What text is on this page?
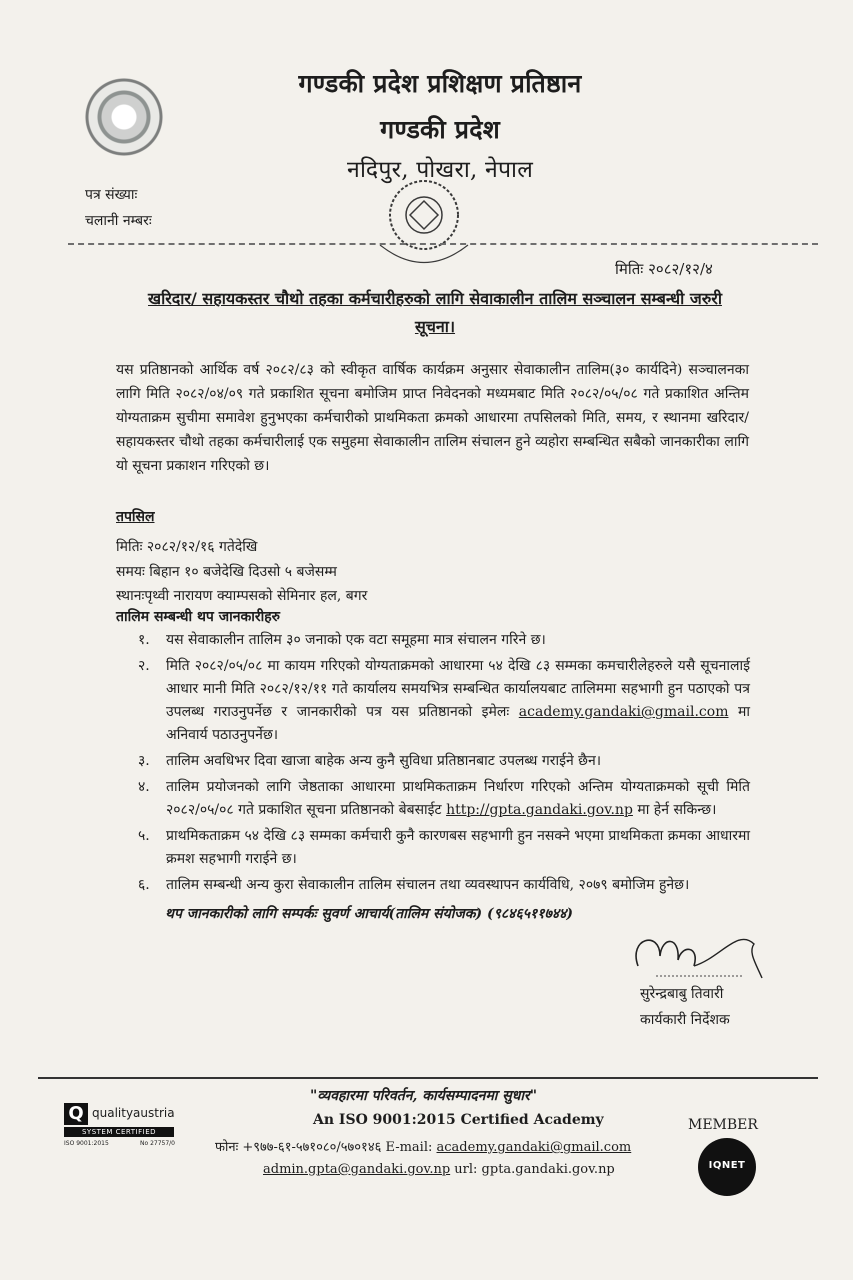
गण्डकी प्रदेश प्रशिक्षण प्रतिष्ठान
गण्डकी प्रदेश
नदिपुर, पोखरा, नेपाल
पत्र संख्याः
चलानी नम्बरः
मितिः २०८२/१२/४
खरिदार/ सहायकस्तर चौथो तहका कर्मचारीहरुको लागि सेवाकालीन तालिम सञ्चालन सम्बन्धी जरुरी
सूचना।
यस प्रतिष्ठानको आर्थिक वर्ष २०८२/८३ को स्वीकृत वार्षिक कार्यक्रम अनुसार सेवाकालीन तालिम(३० कार्यदिने) सञ्चालनका लागि मिति २०८२/०४/०९ गते प्रकाशित सूचना बमोजिम प्राप्त निवेदनको मध्यमबाट मिति २०८२/०५/०८ गते प्रकाशित अन्तिम योग्यताक्रम सुचीमा समावेश हुनुभएका कर्मचारीको प्राथमिकता क्रमको आधारमा तपसिलको मिति, समय, र स्थानमा खरिदार/सहायकस्तर चौथो तहका कर्मचारीलाई एक समुहमा सेवाकालीन तालिम संचालन हुने व्यहोरा सम्बन्धित सबैको जानकारीका लागि यो सूचना प्रकाशन गरिएको छ।
तपसिल
मितिः २०८२/१२/१६ गतेदेखि
समयः बिहान १० बजेदेखि दिउसो ५ बजेसम्म
स्थानःपृथ्वी नारायण क्याम्पसको सेमिनार हल, बगर
तालिम सम्बन्धी थप जानकारीहरु
१. यस सेवाकालीन तालिम ३० जनाको एक वटा समूहमा मात्र संचालन गरिने छ।
२. मिति २०८२/०५/०८ मा कायम गरिएको योग्यताक्रमको आधारमा ५४ देखि ८३ सम्मका कमचारीलेहरुले यसै सूचनालाई आधार मानी मिति २०८२/१२/११ गते कार्यालय समयभित्र सम्बन्धित कार्यालयबाट तालिममा सहभागी हुन पठाएको पत्र उपलब्ध गराउनुपर्नेछ र जानकारीको पत्र यस प्रतिष्ठानको इमेलः academy.gandaki@gmail.com मा अनिवार्य पठाउनुपर्नेछ।
३. तालिम अवधिभर दिवा खाजा बाहेक अन्य कुनै सुविधा प्रतिष्ठानबाट उपलब्ध गराईने छैन।
४. तालिम प्रयोजनको लागि जेष्ठताका आधारमा प्राथमिकताक्रम निर्धारण गरिएको अन्तिम योग्यताक्रमको सूची मिति २०८२/०५/०८ गते प्रकाशित सूचना प्रतिष्ठानको बेबसाईट http://gpta.gandaki.gov.np मा हेर्न सकिन्छ।
५. प्राथमिकताक्रम ५४ देखि ८३ सम्मका कर्मचारी कुनै कारणबस सहभागी हुन नसक्ने भएमा प्राथमिकता क्रमका आधारमा क्रमश सहभागी गराईने छ।
६. तालिम सम्बन्धी अन्य कुरा सेवाकालीन तालिम संचालन तथा व्यवस्थापन कार्यविधि, २०७९ बमोजिम हुनेछ।
थप जानकारीको लागि सम्पर्कः सुवर्ण आचार्य(तालिम संयोजक) (९८४६५११७४४)
सुरेन्द्रबाबु तिवारी
कार्यकारी निर्देशक
Q qualityaustria
SYSTEM CERTIFIED
ISO 9001:2015	No 27757/0
"व्यवहारमा परिवर्तन, कार्यसम्पादनमा सुधार"
An ISO 9001:2015 Certified Academy
फोनः +९७७-६१-५७१०८०/५७०१४६ E-mail: academy.gandaki@gmail.com
admin.gpta@gandaki.gov.np url: gpta.gandaki.gov.np
MEMBER
IQNET
